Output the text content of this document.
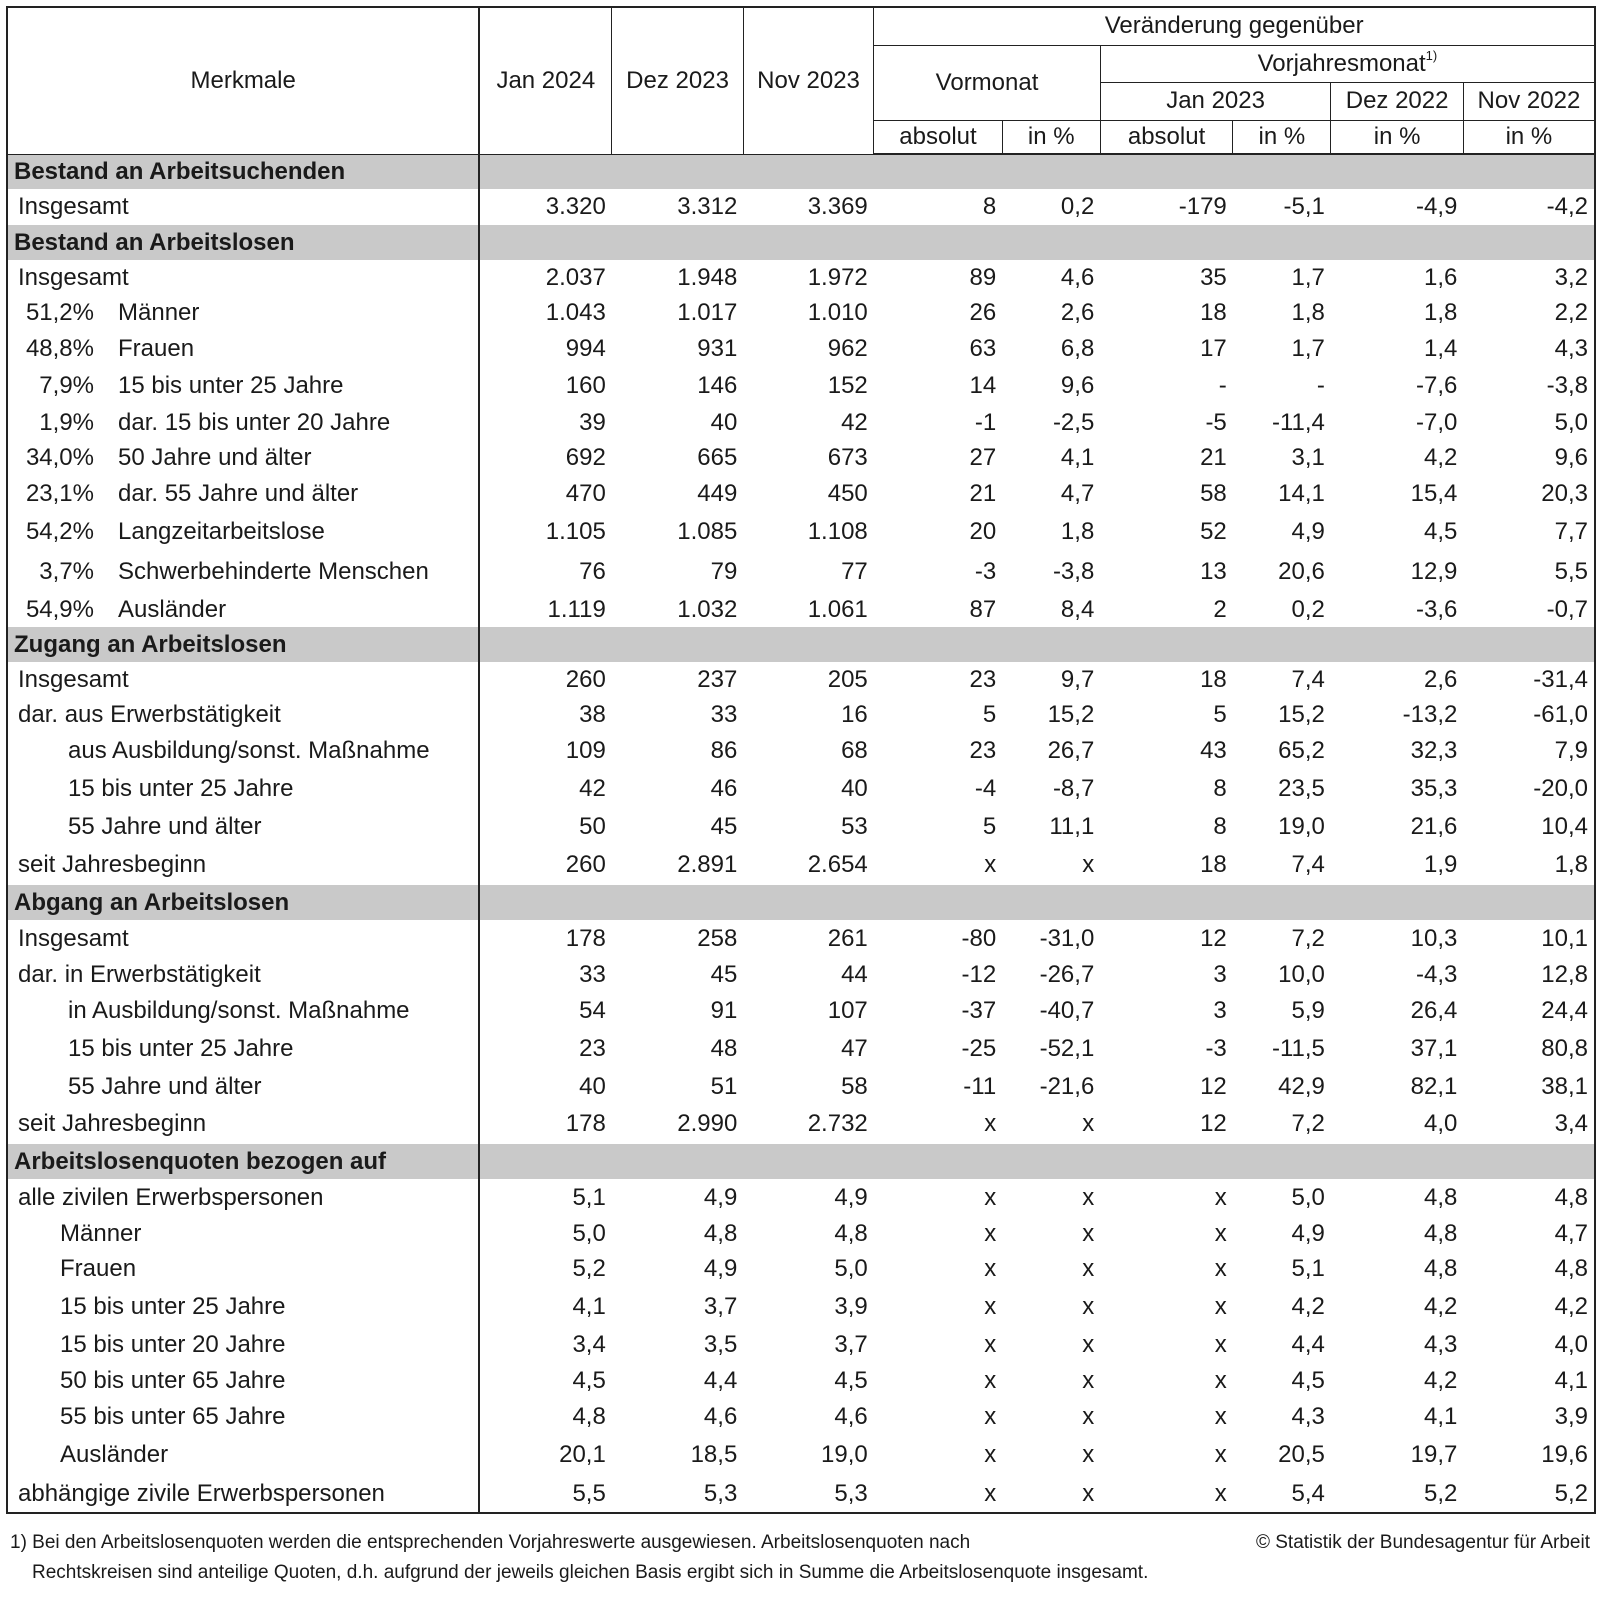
Merkmale	Jan 2024	Dez 2023	Nov 2023	Veränderung gegenüber					
				Vormonat		Vorjahresmonat$^{1)}$
						Jan 2023		Dez 2022	Nov 2022
				absolut	in %	absolut	in %	in %	in %
Bestand an Arbeitsuchenden									
Insgesamt	3.320	3.312	3.369	8	0,2	-179	-5,1	-4,9	-4,2
Bestand an Arbeitslosen									
Insgesamt	2.037	1.948	1.972	89	4,6	35	1,7	1,6	3,2
51,2% Männer	1.043	1.017	1.010	26	2,6	18	1,8	1,8	2,2
48,8% Frauen	994	931	962	63	6,8	17	1,7	1,4	4,3
7,9% 15 bis unter 25 Jahre	160	146	152	14	9,6	-	-	-7,6	-3,8
1,9% dar. 15 bis unter 20 Jahre	39	40	42	-1	-2,5	-5	-11,4	-7,0	5,0
34,0% 50 Jahre und älter	692	665	673	27	4,1	21	3,1	4,2	9,6
23,1% dar. 55 Jahre und älter	470	449	450	21	4,7	58	14,1	15,4	20,3
54,2% Langzeitarbeitslose	1.105	1.085	1.108	20	1,8	52	4,9	4,5	7,7
3,7% Schwerbehinderte Menschen	76	79	77	-3	-3,8	13	20,6	12,9	5,5
54,9% Ausländer	1.119	1.032	1.061	87	8,4	2	0,2	-3,6	-0,7
Zugang an Arbeitslosen									
Insgesamt	260	237	205	23	9,7	18	7,4	2,6	-31,4
dar. aus Erwerbstätigkeit	38	33	16	5	15,2	5	15,2	-13,2	-61,0
aus Ausbildung/sonst. Maßnahme	109	86	68	23	26,7	43	65,2	32,3	7,9
15 bis unter 25 Jahre	42	46	40	-4	-8,7	8	23,5	35,3	-20,0
55 Jahre und älter	50	45	53	5	11,1	8	19,0	21,6	10,4
seit Jahresbeginn	260	2.891	2.654	x	x	18	7,4	1,9	1,8
Abgang an Arbeitslosen									
Insgesamt	178	258	261	-80	-31,0	12	7,2	10,3	10,1
dar. in Erwerbstätigkeit	33	45	44	-12	-26,7	3	10,0	-4,3	12,8
in Ausbildung/sonst. Maßnahme	54	91	107	-37	-40,7	3	5,9	26,4	24,4
15 bis unter 25 Jahre	23	48	47	-25	-52,1	-3	-11,5	37,1	80,8
55 Jahre und älter	40	51	58	-11	-21,6	12	42,9	82,1	38,1
seit Jahresbeginn	178	2.990	2.732	x	x	12	7,2	4,0	3,4
Arbeitslosenquoten bezogen auf									
alle zivilen Erwerbspersonen	5,1	4,9	4,9	x	x	x	5,0	4,8	4,8
Männer	5,0	4,8	4,8	x	x	x	4,9	4,8	4,7
Frauen	5,2	4,9	5,0	x	x	x	5,1	4,8	4,8
15 bis unter 25 Jahre	4,1	3,7	3,9	x	x	x	4,2	4,2	4,2
15 bis unter 20 Jahre	3,4	3,5	3,7	x	x	x	4,4	4,3	4,0
50 bis unter 65 Jahre	4,5	4,4	4,5	x	x	x	4,5	4,2	4,1
55 bis unter 65 Jahre	4,8	4,6	4,6	x	x	x	4,3	4,1	3,9
Ausländer	20,1	18,5	19,0	x	x	x	20,5	19,7	19,6
abhängige zivile Erwerbspersonen	5,5	5,3	5,3	x	x	x	5,4	5,2	5,2
1) Bei den Arbeitslosenquoten werden die entsprechenden Vorjahreswerte ausgewiesen. Arbeitslosenquoten nach
Rechtskreisen sind anteilige Quoten, d.h. aufgrund der jeweils gleichen Basis ergibt sich in Summe die Arbeitslosenquote insgesamt.
© Statistik der Bundesagentur für Arbeit
